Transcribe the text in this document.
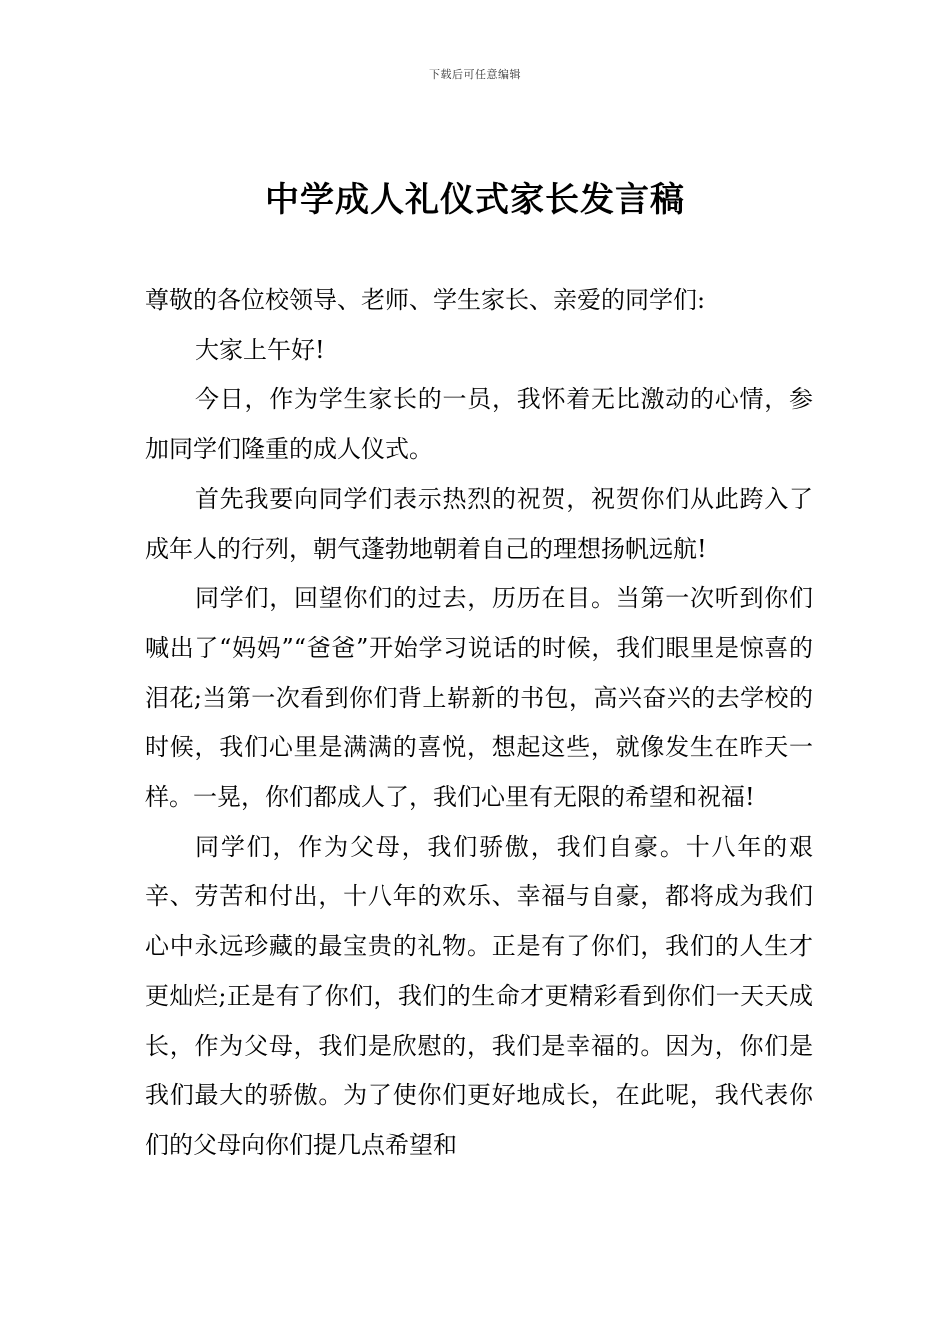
下载后可任意编辑
中学成人礼仪式家长发言稿

尊敬的各位校领导、老师、学生家长、亲爱的同学们:

大家上午好!

今日，作为学生家长的一员，我怀着无比激动的心情，参加同学们隆重的成人仪式。

首先我要向同学们表示热烈的祝贺，祝贺你们从此跨入了成年人的行列，朝气蓬勃地朝着自己的理想扬帆远航!

同学们，回望你们的过去，历历在目。当第一次听到你们喊出了“妈妈”“爸爸”开始学习说话的时候，我们眼里是惊喜的泪花;当第一次看到你们背上崭新的书包，高兴奋兴的去学校的时候，我们心里是满满的喜悦，想起这些，就像发生在昨天一样。一晃，你们都成人了，我们心里有无限的希望和祝福!

同学们，作为父母，我们骄傲，我们自豪。十八年的艰辛、劳苦和付出，十八年的欢乐、幸福与自豪，都将成为我们心中永远珍藏的最宝贵的礼物。正是有了你们，我们的人生才更灿烂;正是有了你们，我们的生命才更精彩看到你们一天天成长，作为父母，我们是欣慰的，我们是幸福的。因为，你们是我们最大的骄傲。为了使你们更好地成长，在此呢，我代表你们的父母向你们提几点希望和
